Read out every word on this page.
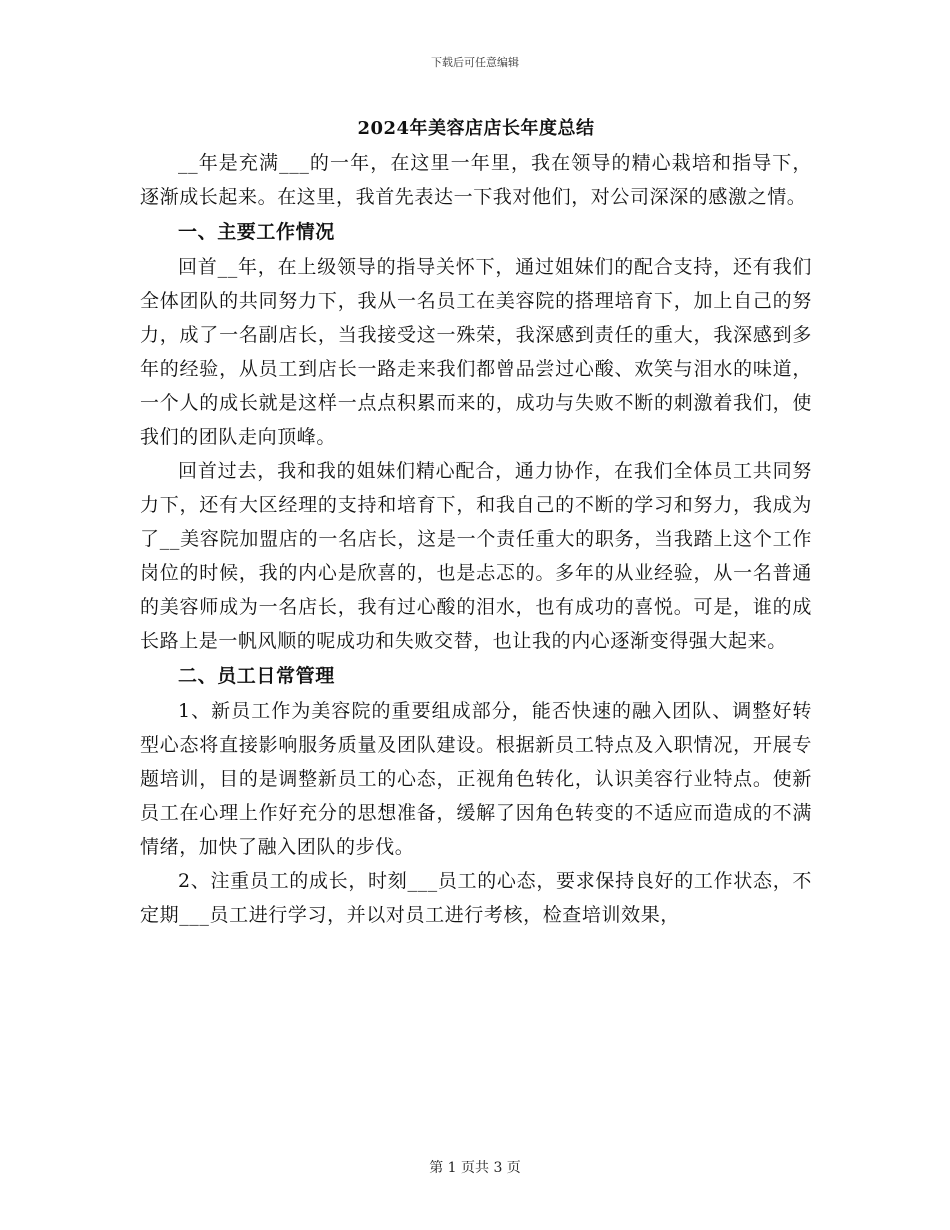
下载后可任意编辑
2024年美容店店长年度总结

__年是充满___的一年，在这里一年里，我在领导的精心栽培和指导下，逐渐成长起来。在这里，我首先表达一下我对他们，对公司深深的感激之情。

一、主要工作情况

回首__年，在上级领导的指导关怀下，通过姐妹们的配合支持，还有我们全体团队的共同努力下，我从一名员工在美容院的搭理培育下，加上自己的努力，成了一名副店长，当我接受这一殊荣，我深感到责任的重大，我深感到多年的经验，从员工到店长一路走来我们都曾品尝过心酸、欢笑与泪水的味道，一个人的成长就是这样一点点积累而来的，成功与失败不断的刺激着我们，使我们的团队走向顶峰。

回首过去，我和我的姐妹们精心配合，通力协作，在我们全体员工共同努力下，还有大区经理的支持和培育下，和我自己的不断的学习和努力，我成为了__美容院加盟店的一名店长，这是一个责任重大的职务，当我踏上这个工作岗位的时候，我的内心是欣喜的，也是忐忑的。多年的从业经验，从一名普通的美容师成为一名店长，我有过心酸的泪水，也有成功的喜悦。可是，谁的成长路上是一帆风顺的呢成功和失败交替，也让我的内心逐渐变得强大起来。

二、员工日常管理

1、新员工作为美容院的重要组成部分，能否快速的融入团队、调整好转型心态将直接影响服务质量及团队建设。根据新员工特点及入职情况，开展专题培训，目的是调整新员工的心态，正视角色转化，认识美容行业特点。使新员工在心理上作好充分的思想准备，缓解了因角色转变的不适应而造成的不满情绪，加快了融入团队的步伐。

2、注重员工的成长，时刻___员工的心态，要求保持良好的工作状态，不定期___员工进行学习，并以对员工进行考核，检查培训效果，

第 1 页共 3 页
